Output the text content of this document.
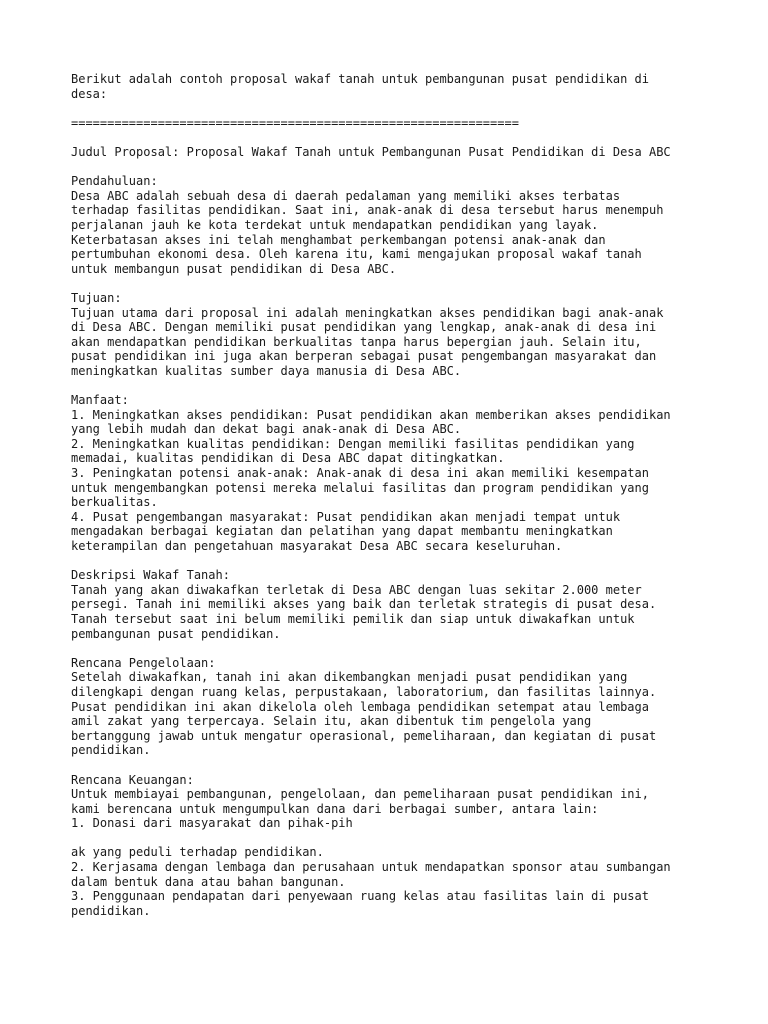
Berikut adalah contoh proposal wakaf tanah untuk pembangunan pusat pendidikan di
desa:
==============================================================
Judul Proposal: Proposal Wakaf Tanah untuk Pembangunan Pusat Pendidikan di Desa ABC
Pendahuluan:
Desa ABC adalah sebuah desa di daerah pedalaman yang memiliki akses terbatas
terhadap fasilitas pendidikan. Saat ini, anak-anak di desa tersebut harus menempuh
perjalanan jauh ke kota terdekat untuk mendapatkan pendidikan yang layak.
Keterbatasan akses ini telah menghambat perkembangan potensi anak-anak dan
pertumbuhan ekonomi desa. Oleh karena itu, kami mengajukan proposal wakaf tanah
untuk membangun pusat pendidikan di Desa ABC.
Tujuan:
Tujuan utama dari proposal ini adalah meningkatkan akses pendidikan bagi anak-anak
di Desa ABC. Dengan memiliki pusat pendidikan yang lengkap, anak-anak di desa ini
akan mendapatkan pendidikan berkualitas tanpa harus bepergian jauh. Selain itu,
pusat pendidikan ini juga akan berperan sebagai pusat pengembangan masyarakat dan
meningkatkan kualitas sumber daya manusia di Desa ABC.
Manfaat:
1. Meningkatkan akses pendidikan: Pusat pendidikan akan memberikan akses pendidikan
yang lebih mudah dan dekat bagi anak-anak di Desa ABC.
2. Meningkatkan kualitas pendidikan: Dengan memiliki fasilitas pendidikan yang
memadai, kualitas pendidikan di Desa ABC dapat ditingkatkan.
3. Peningkatan potensi anak-anak: Anak-anak di desa ini akan memiliki kesempatan
untuk mengembangkan potensi mereka melalui fasilitas dan program pendidikan yang
berkualitas.
4. Pusat pengembangan masyarakat: Pusat pendidikan akan menjadi tempat untuk
mengadakan berbagai kegiatan dan pelatihan yang dapat membantu meningkatkan
keterampilan dan pengetahuan masyarakat Desa ABC secara keseluruhan.
Deskripsi Wakaf Tanah:
Tanah yang akan diwakafkan terletak di Desa ABC dengan luas sekitar 2.000 meter
persegi. Tanah ini memiliki akses yang baik dan terletak strategis di pusat desa.
Tanah tersebut saat ini belum memiliki pemilik dan siap untuk diwakafkan untuk
pembangunan pusat pendidikan.
Rencana Pengelolaan:
Setelah diwakafkan, tanah ini akan dikembangkan menjadi pusat pendidikan yang
dilengkapi dengan ruang kelas, perpustakaan, laboratorium, dan fasilitas lainnya.
Pusat pendidikan ini akan dikelola oleh lembaga pendidikan setempat atau lembaga
amil zakat yang terpercaya. Selain itu, akan dibentuk tim pengelola yang
bertanggung jawab untuk mengatur operasional, pemeliharaan, dan kegiatan di pusat
pendidikan.
Rencana Keuangan:
Untuk membiayai pembangunan, pengelolaan, dan pemeliharaan pusat pendidikan ini,
kami berencana untuk mengumpulkan dana dari berbagai sumber, antara lain:
1. Donasi dari masyarakat dan pihak-pih
ak yang peduli terhadap pendidikan.
2. Kerjasama dengan lembaga dan perusahaan untuk mendapatkan sponsor atau sumbangan
dalam bentuk dana atau bahan bangunan.
3. Penggunaan pendapatan dari penyewaan ruang kelas atau fasilitas lain di pusat
pendidikan.
